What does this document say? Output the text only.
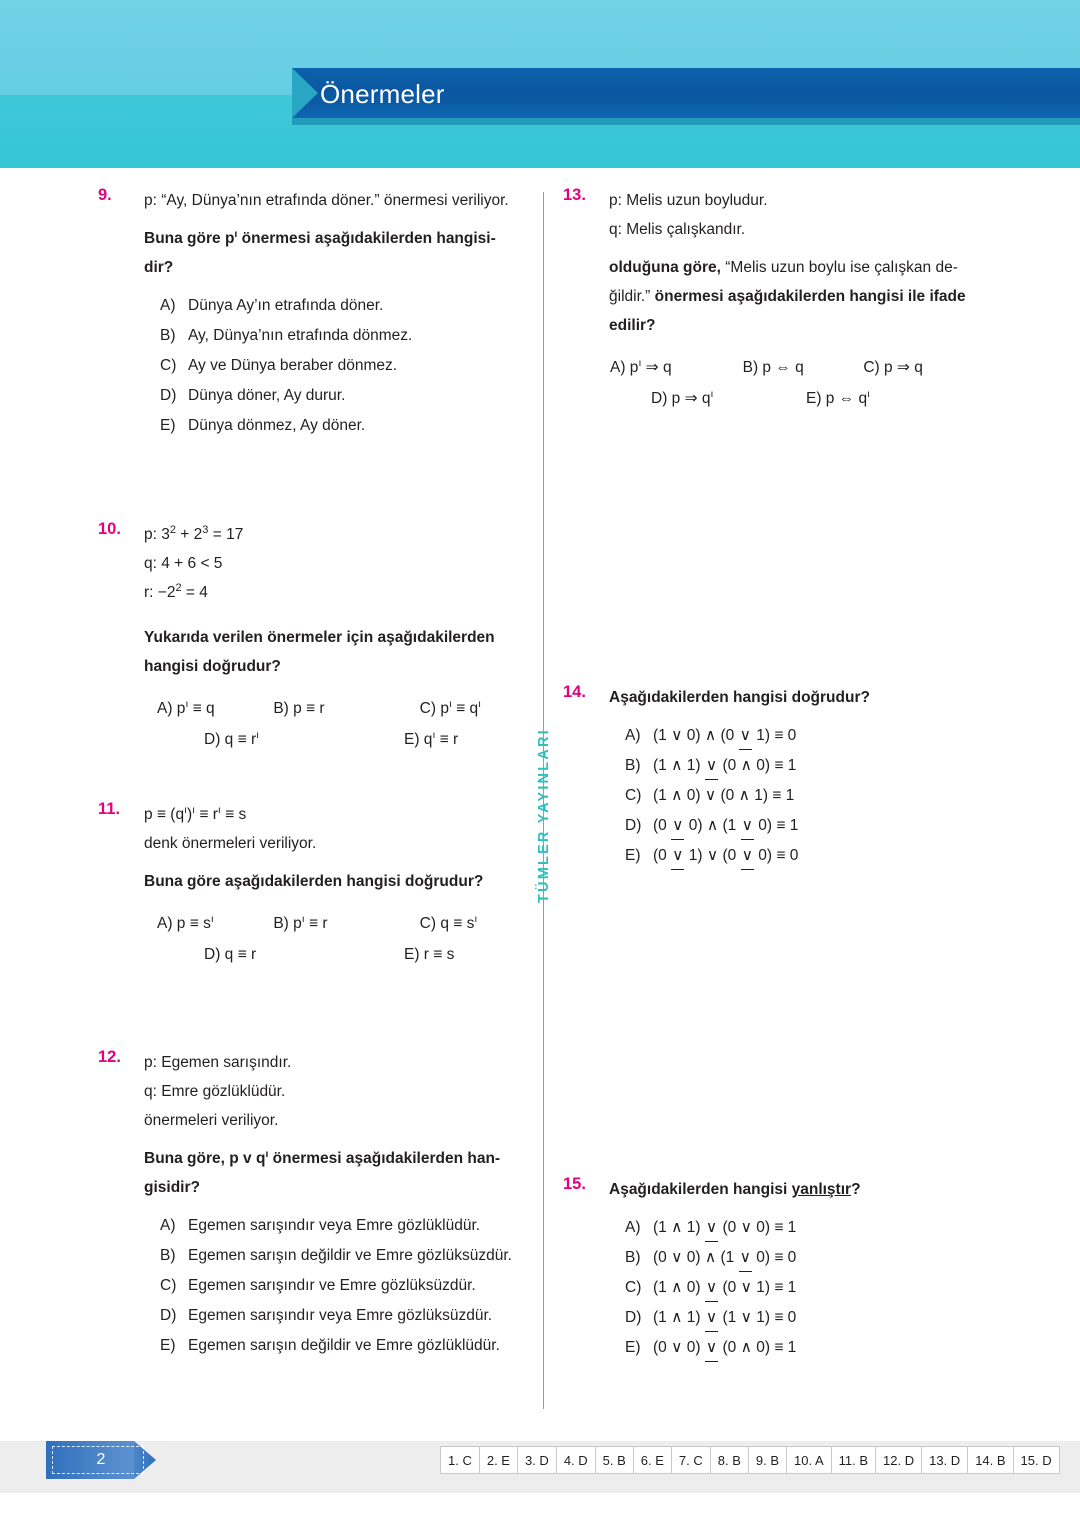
Önermeler
TÜMLER YAYINLARI
9.	p: “Ay, Dünya’nın etrafında döner.” önermesi veriliyor.
Buna göre $p^ı$ önermesi aşağıdakilerden hangisi-
dir?
A) Dünya Ay’ın etrafında döner.
B) Ay, Dünya’nın etrafında dönmez.
C) Ay ve Dünya beraber dönmez.
D) Dünya döner, Ay durur.
E) Dünya dönmez, Ay döner.
10.	p: $3^2 + 2^3 = 17$
q: 4 + 6 < 5
r: $-2^2 = 4$
Yukarıda verilen önermeler için aşağıdakilerden
hangisi doğrudur?
A) $p^ı \equiv q$	B) p ≡ r	C) $p^ı \equiv q^ı$
D) $q \equiv r^ı$	E) $q^ı \equiv r$
11.	$p \equiv (q^ı)^ı \equiv r^ı \equiv s$
denk önermeleri veriliyor.
Buna göre aşağıdakilerden hangisi doğrudur?
A) $p \equiv s^ı$	B) $p^ı \equiv r$	C) $q \equiv s^ı$
D) q ≡ r	E) r ≡ s
12.	p: Egemen sarışındır.
q: Emre gözlüklüdür.
önermeleri veriliyor.
Buna göre, p v $q^ı$ önermesi aşağıdakilerden han-
gisidir?
A) Egemen sarışındır veya Emre gözlüklüdür.
B) Egemen sarışın değildir ve Emre gözlüksüzdür.
C) Egemen sarışındır ve Emre gözlüksüzdür.
D) Egemen sarışındır veya Emre gözlüksüzdür.
E) Egemen sarışın değildir ve Emre gözlüklüdür.
13.	p: Melis uzun boyludur.
q: Melis çalışkandır.
olduğuna göre, “Melis uzun boylu ise çalışkan de-
ğildir.” önermesi aşağıdakilerden hangisi ile ifade
edilir?
A) $p^ı$ ⇒ q	B) p ⇔ q	C) p ⇒ q
D) p ⇒ $q^ı$	E) p ⇔ $q^ı$
14.	Aşağıdakilerden hangisi doğrudur?
A) (1 ∨ 0) ∧ (0 ∨ 1) ≡ 0
B) (1 ∧ 1) ∨ (0 ∧ 0) ≡ 1
C) (1 ∧ 0) ∨ (0 ∧ 1) ≡ 1
D) (0 ∨ 0) ∧ (1 ∨ 0) ≡ 1
E) (0 ∨ 1) ∨ (0 ∨ 0) ≡ 0
15.	Aşağıdakilerden hangisi yanlıştır?
A) (1 ∧ 1) ∨ (0 ∨ 0) ≡ 1
B) (0 ∨ 0) ∧ (1 ∨ 0) ≡ 0
C) (1 ∧ 0) ∨ (0 ∨ 1) ≡ 1
D) (1 ∧ 1) ∨ (1 ∨ 1) ≡ 0
E) (0 ∨ 0) ∨ (0 ∧ 0) ≡ 1
2	1. C	2. E	3. D	4. D	5. B	6. E	7. C	8. B	9. B	10. A	11. B	12. D	13. D	14. B	15. D
